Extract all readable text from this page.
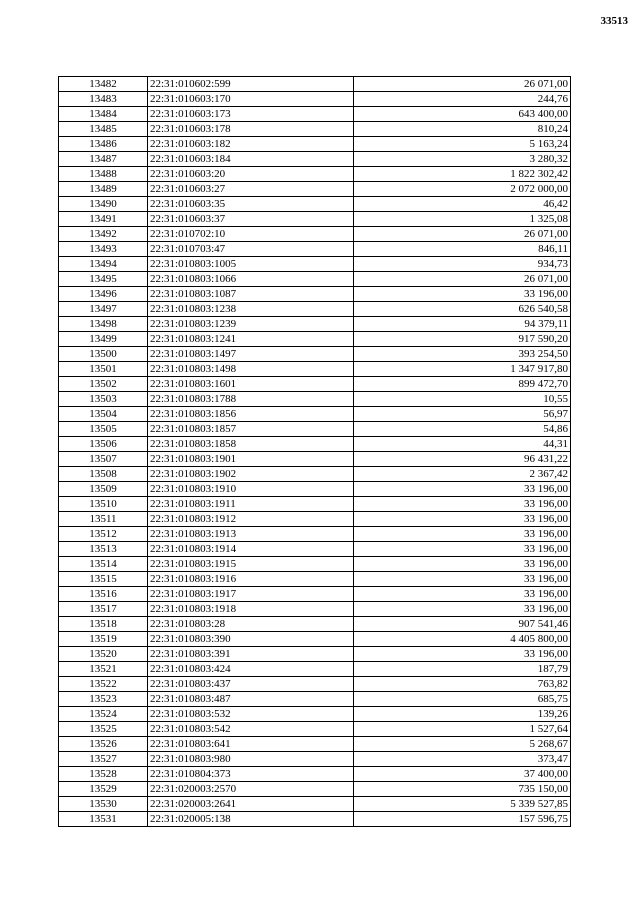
33513
13482	22:31:010602:599	26 071,00
13483	22:31:010603:170	244,76
13484	22:31:010603:173	643 400,00
13485	22:31:010603:178	810,24
13486	22:31:010603:182	5 163,24
13487	22:31:010603:184	3 280,32
13488	22:31:010603:20	1 822 302,42
13489	22:31:010603:27	2 072 000,00
13490	22:31:010603:35	46,42
13491	22:31:010603:37	1 325,08
13492	22:31:010702:10	26 071,00
13493	22:31:010703:47	846,11
13494	22:31:010803:1005	934,73
13495	22:31:010803:1066	26 071,00
13496	22:31:010803:1087	33 196,00
13497	22:31:010803:1238	626 540,58
13498	22:31:010803:1239	94 379,11
13499	22:31:010803:1241	917 590,20
13500	22:31:010803:1497	393 254,50
13501	22:31:010803:1498	1 347 917,80
13502	22:31:010803:1601	899 472,70
13503	22:31:010803:1788	10,55
13504	22:31:010803:1856	56,97
13505	22:31:010803:1857	54,86
13506	22:31:010803:1858	44,31
13507	22:31:010803:1901	96 431,22
13508	22:31:010803:1902	2 367,42
13509	22:31:010803:1910	33 196,00
13510	22:31:010803:1911	33 196,00
13511	22:31:010803:1912	33 196,00
13512	22:31:010803:1913	33 196,00
13513	22:31:010803:1914	33 196,00
13514	22:31:010803:1915	33 196,00
13515	22:31:010803:1916	33 196,00
13516	22:31:010803:1917	33 196,00
13517	22:31:010803:1918	33 196,00
13518	22:31:010803:28	907 541,46
13519	22:31:010803:390	4 405 800,00
13520	22:31:010803:391	33 196,00
13521	22:31:010803:424	187,79
13522	22:31:010803:437	763,82
13523	22:31:010803:487	685,75
13524	22:31:010803:532	139,26
13525	22:31:010803:542	1 527,64
13526	22:31:010803:641	5 268,67
13527	22:31:010803:980	373,47
13528	22:31:010804:373	37 400,00
13529	22:31:020003:2570	735 150,00
13530	22:31:020003:2641	5 339 527,85
13531	22:31:020005:138	157 596,75
